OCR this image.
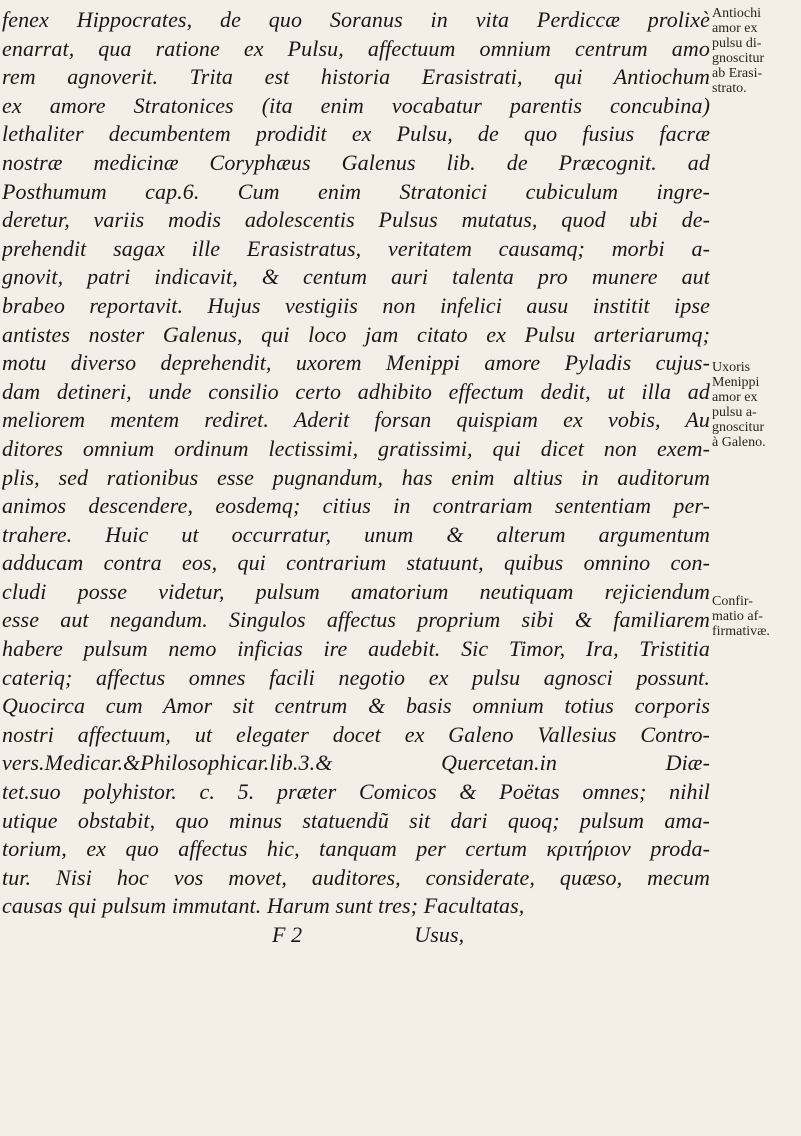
fenex Hippocrates, de quo Soranus in vita Perdiccæ prolixè
enarrat, qua ratione ex Pulsu, affectuum omnium centrum amo
rem agnoverit. Trita est historia Erasistrati, qui Antiochum
ex amore Stratonices (ita enim vocabatur parentis concubina)
lethaliter decumbentem prodidit ex Pulsu, de quo fusius facræ
nostræ medicinæ Coryphæus Galenus lib. de Præcognit. ad
Posthumum cap.6. Cum enim Stratonici cubiculum ingre-
deretur, variis modis adolescentis Pulsus mutatus, quod ubi de-
prehendit sagax ille Erasistratus, veritatem causamq; morbi a-
gnovit, patri indicavit, & centum auri talenta pro munere aut
brabeo reportavit. Hujus vestigiis non infelici ausu institit ipse
antistes noster Galenus, qui loco jam citato ex Pulsu arteriarumq;
motu diverso deprehendit, uxorem Menippi amore Pyladis cujus-
dam detineri, unde consilio certo adhibito effectum dedit, ut illa ad
meliorem mentem rediret. Aderit forsan quispiam ex vobis, Au
ditores omnium ordinum lectissimi, gratissimi, qui dicet non exem-
plis, sed rationibus esse pugnandum, has enim altius in auditorum
animos descendere, eosdemq; citius in contrariam sententiam per-
trahere. Huic ut occurratur, unum & alterum argumentum
adducam contra eos, qui contrarium statuunt, quibus omnino con-
cludi posse videtur, pulsum amatorium neutiquam rejiciendum
esse aut negandum. Singulos affectus proprium sibi & familiarem
habere pulsum nemo inficias ire audebit. Sic Timor, Ira, Tristitia
cateriq; affectus omnes facili negotio ex pulsu agnosci possunt.
Quocirca cum Amor sit centrum & basis omnium totius corporis
nostri affectuum, ut elegater docet ex Galeno Vallesius Contro-
vers.Medicar.&Philosophicar.lib.3.& Quercetan.in Diæ-
tet.suo polyhistor. c. 5. præter Comicos & Poëtas omnes; nihil
utique obstabit, quo minus statuendũ sit dari quoq; pulsum ama-
torium, ex quo affectus hic, tanquam per certum κριτήριον proda-
tur. Nisi hoc vos movet, auditores, considerate, quæso, mecum
causas qui pulsum immutant. Harum sunt tres; Facultatas,
F 2                    Usus,
Antiochi
amor ex
pulsu di-
gnoscitur
ab Erasi-
strato.
Uxoris
Menippi
amor ex
pulsu a-
gnoscitur
à Galeno.
Confir-
matio af-
firmativæ.
